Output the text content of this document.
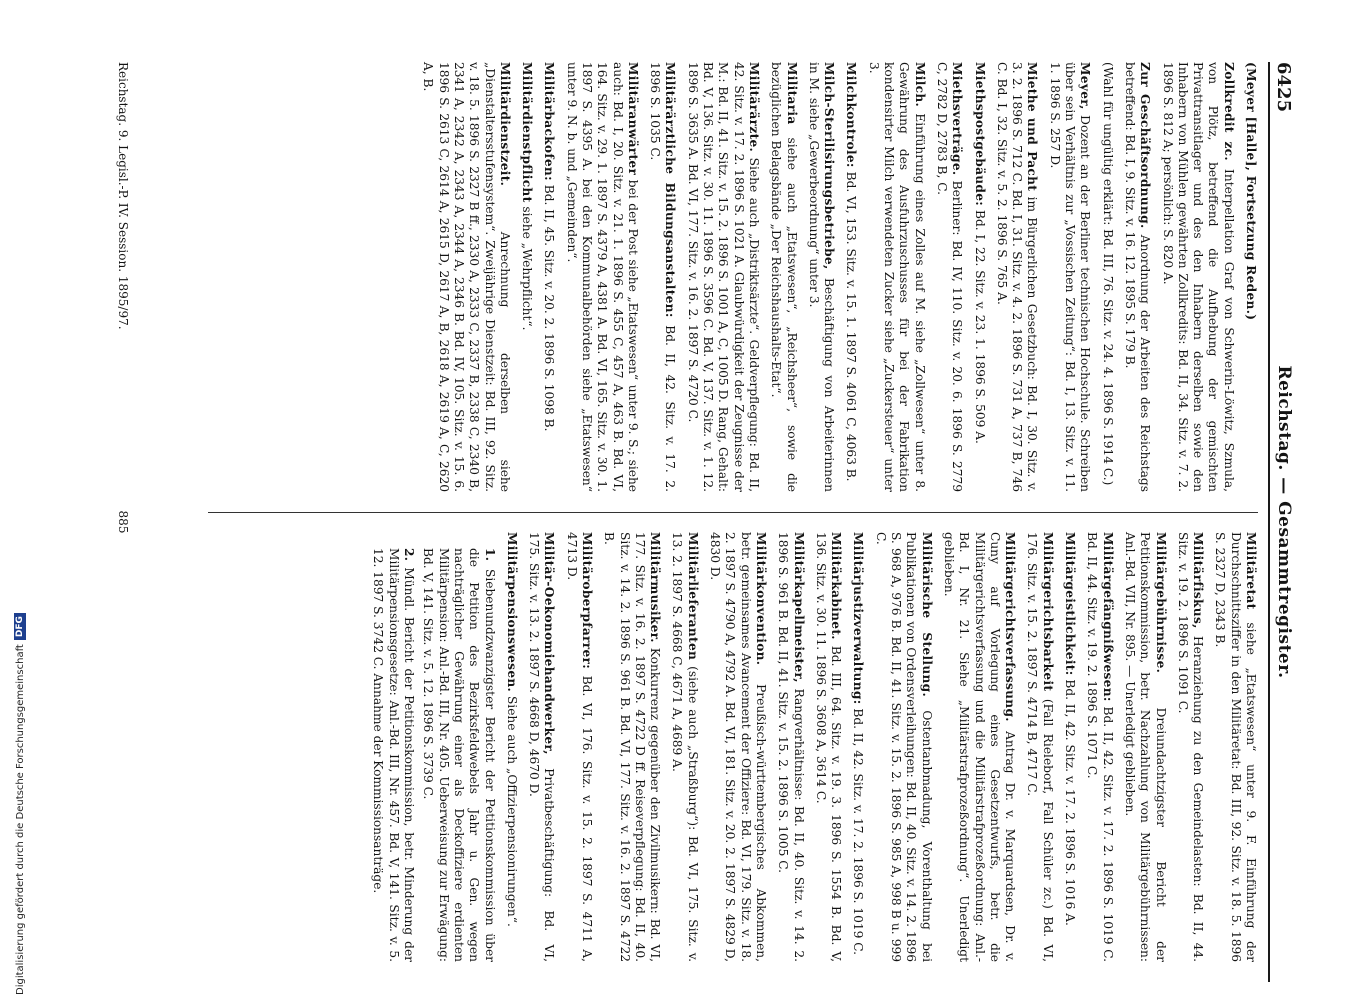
6425
Reichstag. — Gesammtregister.
(Meyer [Halle], Fortsetzung Reden.)
Zollkredit zc. Interpellation Graf von Schwerin-Löwitz, Szmula, von Plötz, betreffend die Aufhebung der gemischten Privattransitlager und des den Inhabern derselben sowie den Inhabern von Mühlen gewährten Zollkredits: Bd. II, 34. Sitz. v. 7. 2. 1896 S. 812 A; persönlich: S. 820 A.
Zur Geschäftsordnung. Anordnung der Arbeiten des Reichstags betreffend: Bd. I, 9. Sitz. v. 16. 12. 1895 S. 179 B.
(Wahl für ungültig erklärt: Bd. III, 76. Sitz. v. 24. 4. 1896 S. 1914 C.)
Meyer, Dozent an der Berliner technischen Hochschule. Schreiben über sein Verhältnis zur „Vossischen Zeitung“: Bd. I, 13. Sitz. v. 11. 1. 1896 S. 257 D.
Miethe und Pacht im Bürgerlichen Gesetzbuch: Bd. I, 30. Sitz. v. 3. 2. 1896 S. 712 C. Bd. I, 31. Sitz. v. 4. 2. 1896 S. 731 A, 737 B, 746 C. Bd. I, 32. Sitz. v. 5. 2. 1896 S. 765 A.
Miethspostgebäude: Bd. I, 22. Sitz. v. 23. 1. 1896 S. 509 A.
Miethsverträge. Berliner: Bd. IV, 110. Sitz. v. 20. 6. 1896 S. 2779 C, 2782 D, 2783 B, C.
Milch. Einführung eines Zolles auf M. siehe „Zollwesen“ unter 8. Gewährung des Ausfuhrzuschusses für bei der Fabrikation kondensirter Milch verwendeten Zucker siehe „Zuckersteuer“ unter 3.
Milchkontrole: Bd. VI, 153. Sitz. v. 15. 1. 1897 S. 4061 C, 4063 B.
Milch-Sterilisirungsbetriebe, Beschäftigung von Arbeiterinnen in M. siehe „Gewerbeordnung“ unter 3.
Militaria siehe auch „Etatswesen“, „Reichsheer“, sowie die bezüglichen Belagsbände „Der Reichshaushalts-Etat“.
Militärärzte. Siehe auch „Distriktsärzte“. Geldverpflegung: Bd. II, 42. Sitz. v. 17. 2. 1896 S. 1021 A. Glaubwürdigkeit der Zeugnisse der M.: Bd. II, 41. Sitz. v. 15. 2. 1896 S. 1001 A, C, 1005 D. Rang, Gehalt: Bd. V, 136. Sitz. v. 30. 11. 1896 S. 3596 C. Bd. V, 137. Sitz. v. 1. 12. 1896 S. 3635 A. Bd. VI, 177. Sitz. v. 16. 2. 1897 S. 4720 C.
Militärärztliche Bildungsanstalten: Bd. II, 42. Sitz. v. 17. 2. 1896 S. 1035 C.
Militäranwärter bei der Post siehe „Etatswesen“ unter 9. S.; siehe auch: Bd. I, 20. Sitz. v. 21. 1. 1896 S. 455 C, 457 A, 463 B. Bd. VI, 164. Sitz. v. 29. 1. 1897 S. 4379 A, 4381 A. Bd. VI, 165. Sitz. v. 30. 1. 1897 S. 4395 A. bei den Kommunalbehörden siehe „Etatswesen“ unter 9. N. b. und „Gemeinden“.
Militärbackofen: Bd. II, 45. Sitz. v. 20. 2. 1896 S. 1098 B.
Militärdienstpflicht siehe „Wehrpflicht“.
Militärdienstzeit. Anrechnung derselben siehe „Dienstaltersstufensystem“. Zweijährige Dienstzeit: Bd. III, 92. Sitz. v. 18. 5. 1896 S. 2327 B ff., 2330 A, 2333 C, 2337 B, 2338 C, 2340 B, 2341 A, 2342 A, 2343 A, 2344 A, 2346 B. Bd. IV, 105. Sitz. v. 15. 6. 1896 S. 2613 C, 2614 A, 2615 D, 2617 A, B, 2618 A, 2619 A, C, 2620 A, B.
Militäretat siehe „Etatswesen“ unter 9. F. Einführung der Durchschnittsziffer in den Militäretat: Bd. III, 92. Sitz. v. 18. 5. 1896 S. 2327 D, 2343 B.
Militärfiskus, Heranziehung zu den Gemeindelasten: Bd. II, 44. Sitz. v. 19. 2. 1896 S. 1091 C.
Militärgebührnisse. Dreiundachtzigster Bericht der Petitionskommission, betr. Nachzahlung von Militärgebührnissen: Anl.-Bd. VII, Nr. 895. — Unerledigt geblieben.
Militärgefängnißwesen: Bd. II, 42. Sitz. v. 17. 2. 1896 S. 1019 C. Bd. II, 44. Sitz. v. 19. 2. 1896 S. 1071 C.
Militärgeistlichkeit: Bd. II, 42. Sitz. v. 17. 2. 1896 S. 1016 A.
Militärgerichtsbarkeit (Fall Rieleborf, Fall Schüler zc.) Bd. VI, 176. Sitz. v. 15. 2. 1897 S. 4714 B, 4717 C.
Militärgerichtsverfassung. Antrag Dr. v. Marquardsen, Dr. v. Cuny auf Vorlegung eines Gesetzentwurfs, betr. die Militärgerichtsverfassung und die Militärstrafprozeßordnung: Anl.-Bd. I, Nr. 21. Siehe „Militärstrafprozeßordnung“. Unerledigt geblieben.
Militärische Stellung. Ostentanbmadung, Vorenthaltung bei Publikationen von Ordensverleihungen: Bd. II, 40. Sitz. v. 14. 2. 1896 S. 968 A, 976 B. Bd. II, 41. Sitz. v. 15. 2. 1896 S. 985 A, 998 B u. 999 C.
Militärjustizverwaltung: Bd. II, 42. Sitz. v. 17. 2. 1896 S. 1019 C.
Militärkabinet. Bd. III, 64. Sitz. v. 19. 3. 1896 S. 1554 B. Bd. V, 136. Sitz. v. 30. 11. 1896 S. 3608 A, 3614 C.
Militärkapellmeister, Rangverhältnisse: Bd. II, 40. Sitz. v. 14. 2. 1896 S. 961 B. Bd. II, 41. Sitz. v. 15. 2. 1896 S. 1005 C.
Militärkonvention. Preußisch-württembergisches Abkommen, betr. gemeinsames Avancement der Offiziere: Bd. VI, 179. Sitz. v. 18. 2. 1897 S. 4790 A, 4792 A. Bd. VI, 181. Sitz. v. 20. 2. 1897 S. 4829 D, 4830 D.
Militärlieferanten (siehe auch „Straßburg“): Bd. VI, 175. Sitz. v. 13. 2. 1897 S. 4668 C, 4671 A, 4689 A.
Militärmusiker. Konkurrenz gegenüber den Zivilmusikern: Bd. VI, 177. Sitz. v. 16. 2. 1897 S. 4722 D ff. Reiseverpflegung: Bd. II, 40. Sitz. v. 14. 2. 1896 S. 961 B. Bd. VI, 177. Sitz. v. 16. 2. 1897 S. 4722 B.
Militäroberpfarrer: Bd. VI, 176. Sitz. v. 15. 2. 1897 S. 4711 A, 4713 D.
Militär-Oekonomiehandwerker, Privatbeschäftigung: Bd. VI, 175. Sitz. v. 13. 2. 1897 S. 4668 D, 4670 D.
Militärpensionswesen. Siehe auch „Offizierpensionirungen“.
1. Siebenundzwanzigster Bericht der Petitionskommission über die Petition des Bezirksfeldwebels Jahr u. Gen. wegen nachträglicher Gewährung einer als Deckoffiziere erdienten Militärpension: Anl.-Bd. III, Nr. 405. Ueberweisung zur Erwägung: Bd. V, 141. Sitz. v. 5. 12. 1896 S. 3739 C.
2. Mündl. Bericht der Petitionskommission, betr. Minderung der Militärpensionsgesetze: Anl.-Bd. III, Nr. 457. Bd. V, 141. Sitz. v. 5. 12. 1897 S. 3742 C. Annahme der Kommissionsanträge.
Reichstag. 9. Legisl.-P. IV. Session. 1895/97.
885
Digitalisierung gefördert durch die Deutsche Forschungsgemeinschaft
DFG
